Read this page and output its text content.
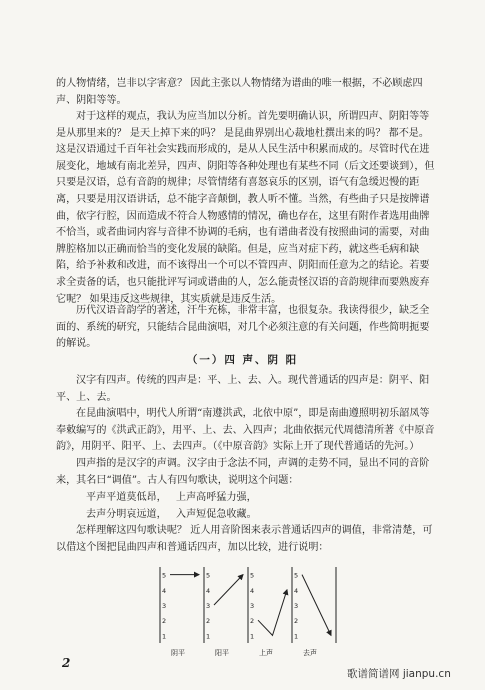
的人物情绪，岂非以字害意？ 因此主张以人物情绪为谱曲的唯一根据，不必顾虑四声、阴阳等等。

对于这样的观点，我认为应当加以分析。首先要明确认识，所谓四声、阴阳等等是从那里来的？ 是天上掉下来的吗？ 是昆曲界别出心裁地杜撰出来的吗？ 都不是。这是汉语通过千百年社会实践而形成的，是从人民生活中积累而成的。尽管时代在进展变化，地域有南北差异，四声、阴阳等各种处理也有某些不同（后文还要谈到），但只要是汉语，总有音韵的规律；尽管情绪有喜怒哀乐的区别，语气有急缓迟慢的距离，只要是用汉语讲话，总不能字音颠倒，教人听不懂。当然，有些曲子只是按牌谱曲，依字行腔，因而造成不符合人物感情的情况，确也存在，这里有附作者选用曲牌不恰当，或者曲词内容与音律不协调的毛病，也有谱曲者没有按照曲词的需要，对曲牌腔格加以正确而恰当的变化发展的缺陷。但是，应当对症下药，就这些毛病和缺陷，给予补救和改进，而不该得出一个可以不管四声、阴阳而任意为之的结论。若要求全责备的话，也只能批评写词或谱曲的人，怎么能责怪汉语的音韵规律而要熟废弃它呢？ 如果违反这些规律，其实质就是违反生活。

历代汉语音韵学的著述，汗牛充栋，非常丰富，也很复杂。我读得很少，缺乏全面的、系统的研究，只能结合昆曲演唱，对几个必须注意的有关问题，作些简明扼要的解说。

（一）四 声、阴 阳

汉字有四声。传统的四声是：平、上、去、入。现代普通话的四声是：阴平、阳平、上、去。

在昆曲演唱中，明代人所谓“南遵洪武，北依中原”，即是南曲遵照明初乐韶凤等奉敕编写的《洪武正韵》，用平、上、去、入四声；北曲依据元代周德清所著《中原音韵》，用阴平、阳平、上、去四声。（《中原音韵》实际上开了现代普通话的先河。）

四声指的是汉字的声调。汉字由于念法不同，声调的走势不同，显出不同的音阶来，其名曰“调值”。古人有四句歌诀，说明这个问题：

平声平道莫低昂， 上声高呼猛力强，
去声分明哀远道， 入声短促急收藏。

怎样理解这四句歌诀呢？ 近人用音阶图来表示普通话四声的调值，非常清楚，可以借这个图把昆曲四声和普通话四声，加以比较，进行说明：

5
4
3
2
1
5
4
3
2
1
5
4
3
2
1
5
4
3
2
1
阴平	阳平	上声	去声
2
歌谱简谱网 jianpu.cn
